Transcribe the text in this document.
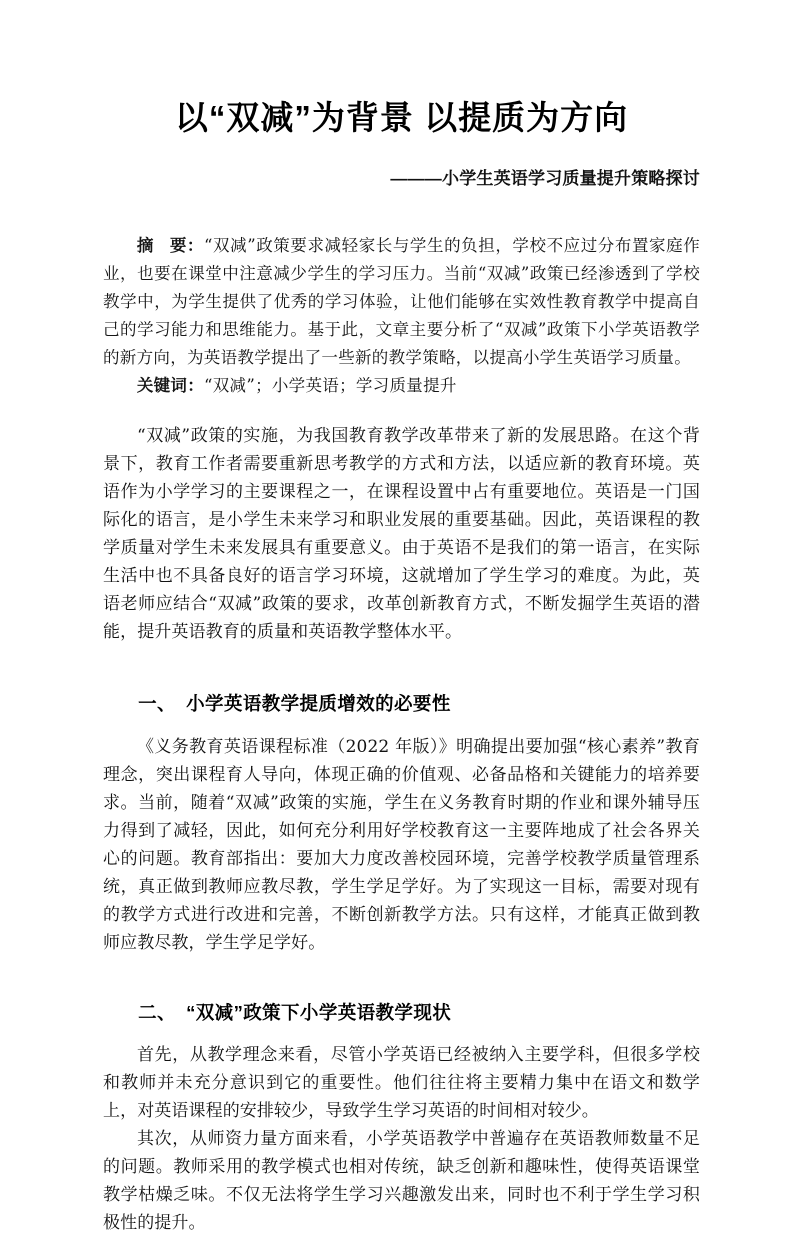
以“双减”为背景 以提质为方向
———小学生英语学习质量提升策略探讨

摘 要：“双减”政策要求减轻家长与学生的负担，学校不应过分布置家庭作业，也要在课堂中注意减少学生的学习压力。当前“双减”政策已经渗透到了学校教学中，为学生提供了优秀的学习体验，让他们能够在实效性教育教学中提高自己的学习能力和思维能力。基于此，文章主要分析了“双减”政策下小学英语教学的新方向，为英语教学提出了一些新的教学策略，以提高小学生英语学习质量。

关键词：“双减”；小学英语；学习质量提升

“双减”政策的实施，为我国教育教学改革带来了新的发展思路。在这个背景下，教育工作者需要重新思考教学的方式和方法，以适应新的教育环境。英语作为小学学习的主要课程之一，在课程设置中占有重要地位。英语是一门国际化的语言，是小学生未来学习和职业发展的重要基础。因此，英语课程的教学质量对学生未来发展具有重要意义。由于英语不是我们的第一语言，在实际生活中也不具备良好的语言学习环境，这就增加了学生学习的难度。为此，英语老师应结合“双减”政策的要求，改革创新教育方式，不断发掘学生英语的潜能，提升英语教育的质量和英语教学整体水平。

一、 小学英语教学提质增效的必要性

《义务教育英语课程标准（2022 年版）》明确提出要加强“核心素养”教育理念，突出课程育人导向，体现正确的价值观、必备品格和关键能力的培养要求。当前，随着“双减”政策的实施，学生在义务教育时期的作业和课外辅导压力得到了减轻，因此，如何充分利用好学校教育这一主要阵地成了社会各界关心的问题。教育部指出：要加大力度改善校园环境，完善学校教学质量管理系统，真正做到教师应教尽教，学生学足学好。为了实现这一目标，需要对现有的教学方式进行改进和完善，不断创新教学方法。只有这样，才能真正做到教师应教尽教，学生学足学好。

二、 “双减”政策下小学英语教学现状

首先，从教学理念来看，尽管小学英语已经被纳入主要学科，但很多学校和教师并未充分意识到它的重要性。他们往往将主要精力集中在语文和数学上，对英语课程的安排较少，导致学生学习英语的时间相对较少。

其次，从师资力量方面来看，小学英语教学中普遍存在英语教师数量不足的问题。教师采用的教学模式也相对传统，缺乏创新和趣味性，使得英语课堂教学枯燥乏味。不仅无法将学生学习兴趣激发出来，同时也不利于学生学习积极性的提升。
